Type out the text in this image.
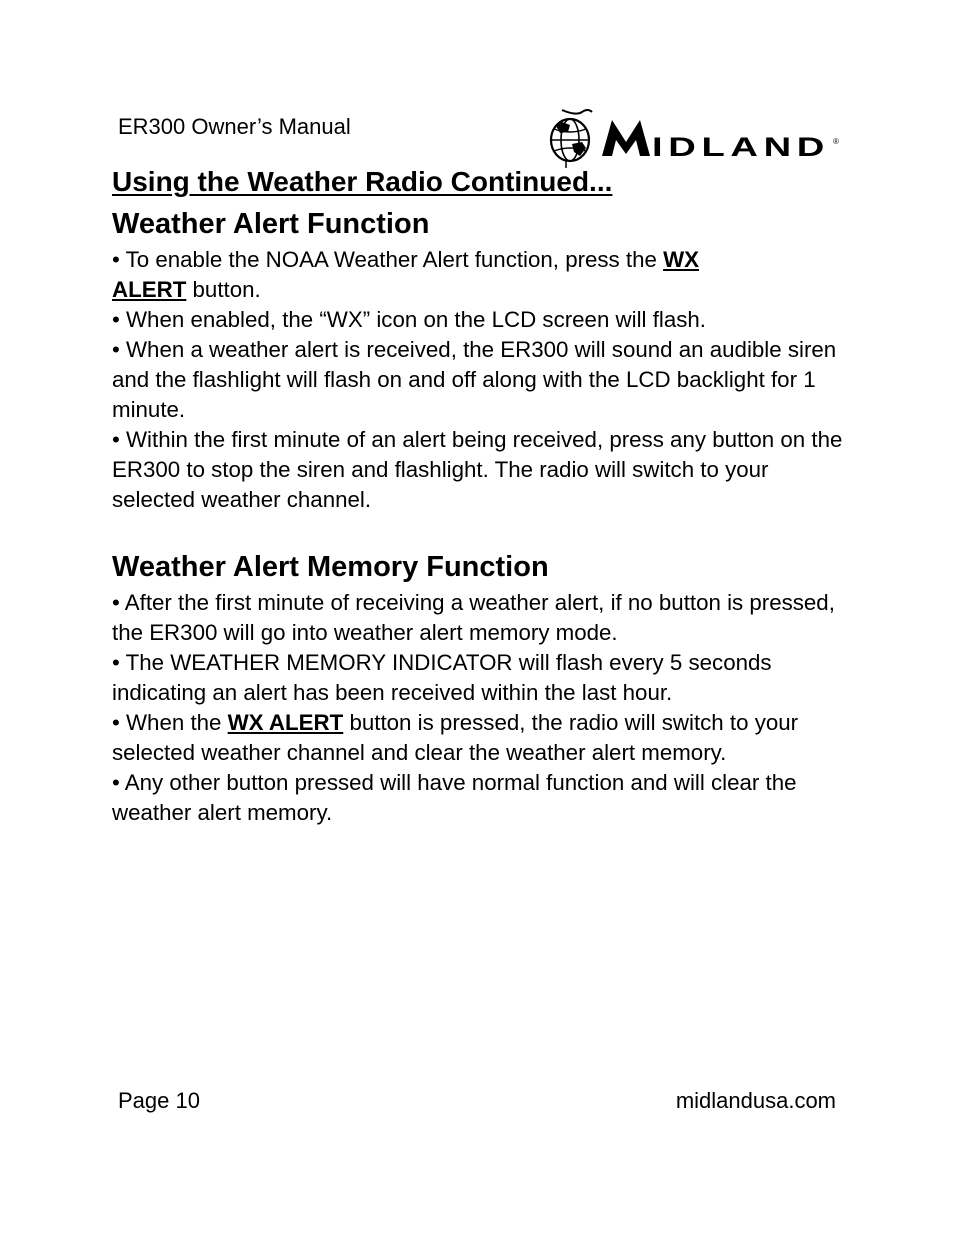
ER300 Owner’s Manual
IDLAND ®
Using the Weather Radio Continued...
Weather Alert Function

• To enable the NOAA Weather Alert function, press the WX
ALERT button.

• When enabled, the “WX” icon on the LCD screen will flash.

• When a weather alert is received, the ER300 will sound an audible siren and the flashlight will flash on and off along with the LCD backlight for 1 minute.

• Within the first minute of an alert being received, press any button on the ER300 to stop the siren and flashlight. The radio will switch to your selected weather channel.

Weather Alert Memory Function

• After the first minute of receiving a weather alert, if no button is pressed, the ER300 will go into weather alert memory mode.

• The WEATHER MEMORY INDICATOR will flash every 5 seconds indicating an alert has been received within the last hour.

• When the WX ALERT button is pressed, the radio will switch to your selected weather channel and clear the weather alert memory.

• Any other button pressed will have normal function and will clear the weather alert memory.

Page 10	midlandusa.com
